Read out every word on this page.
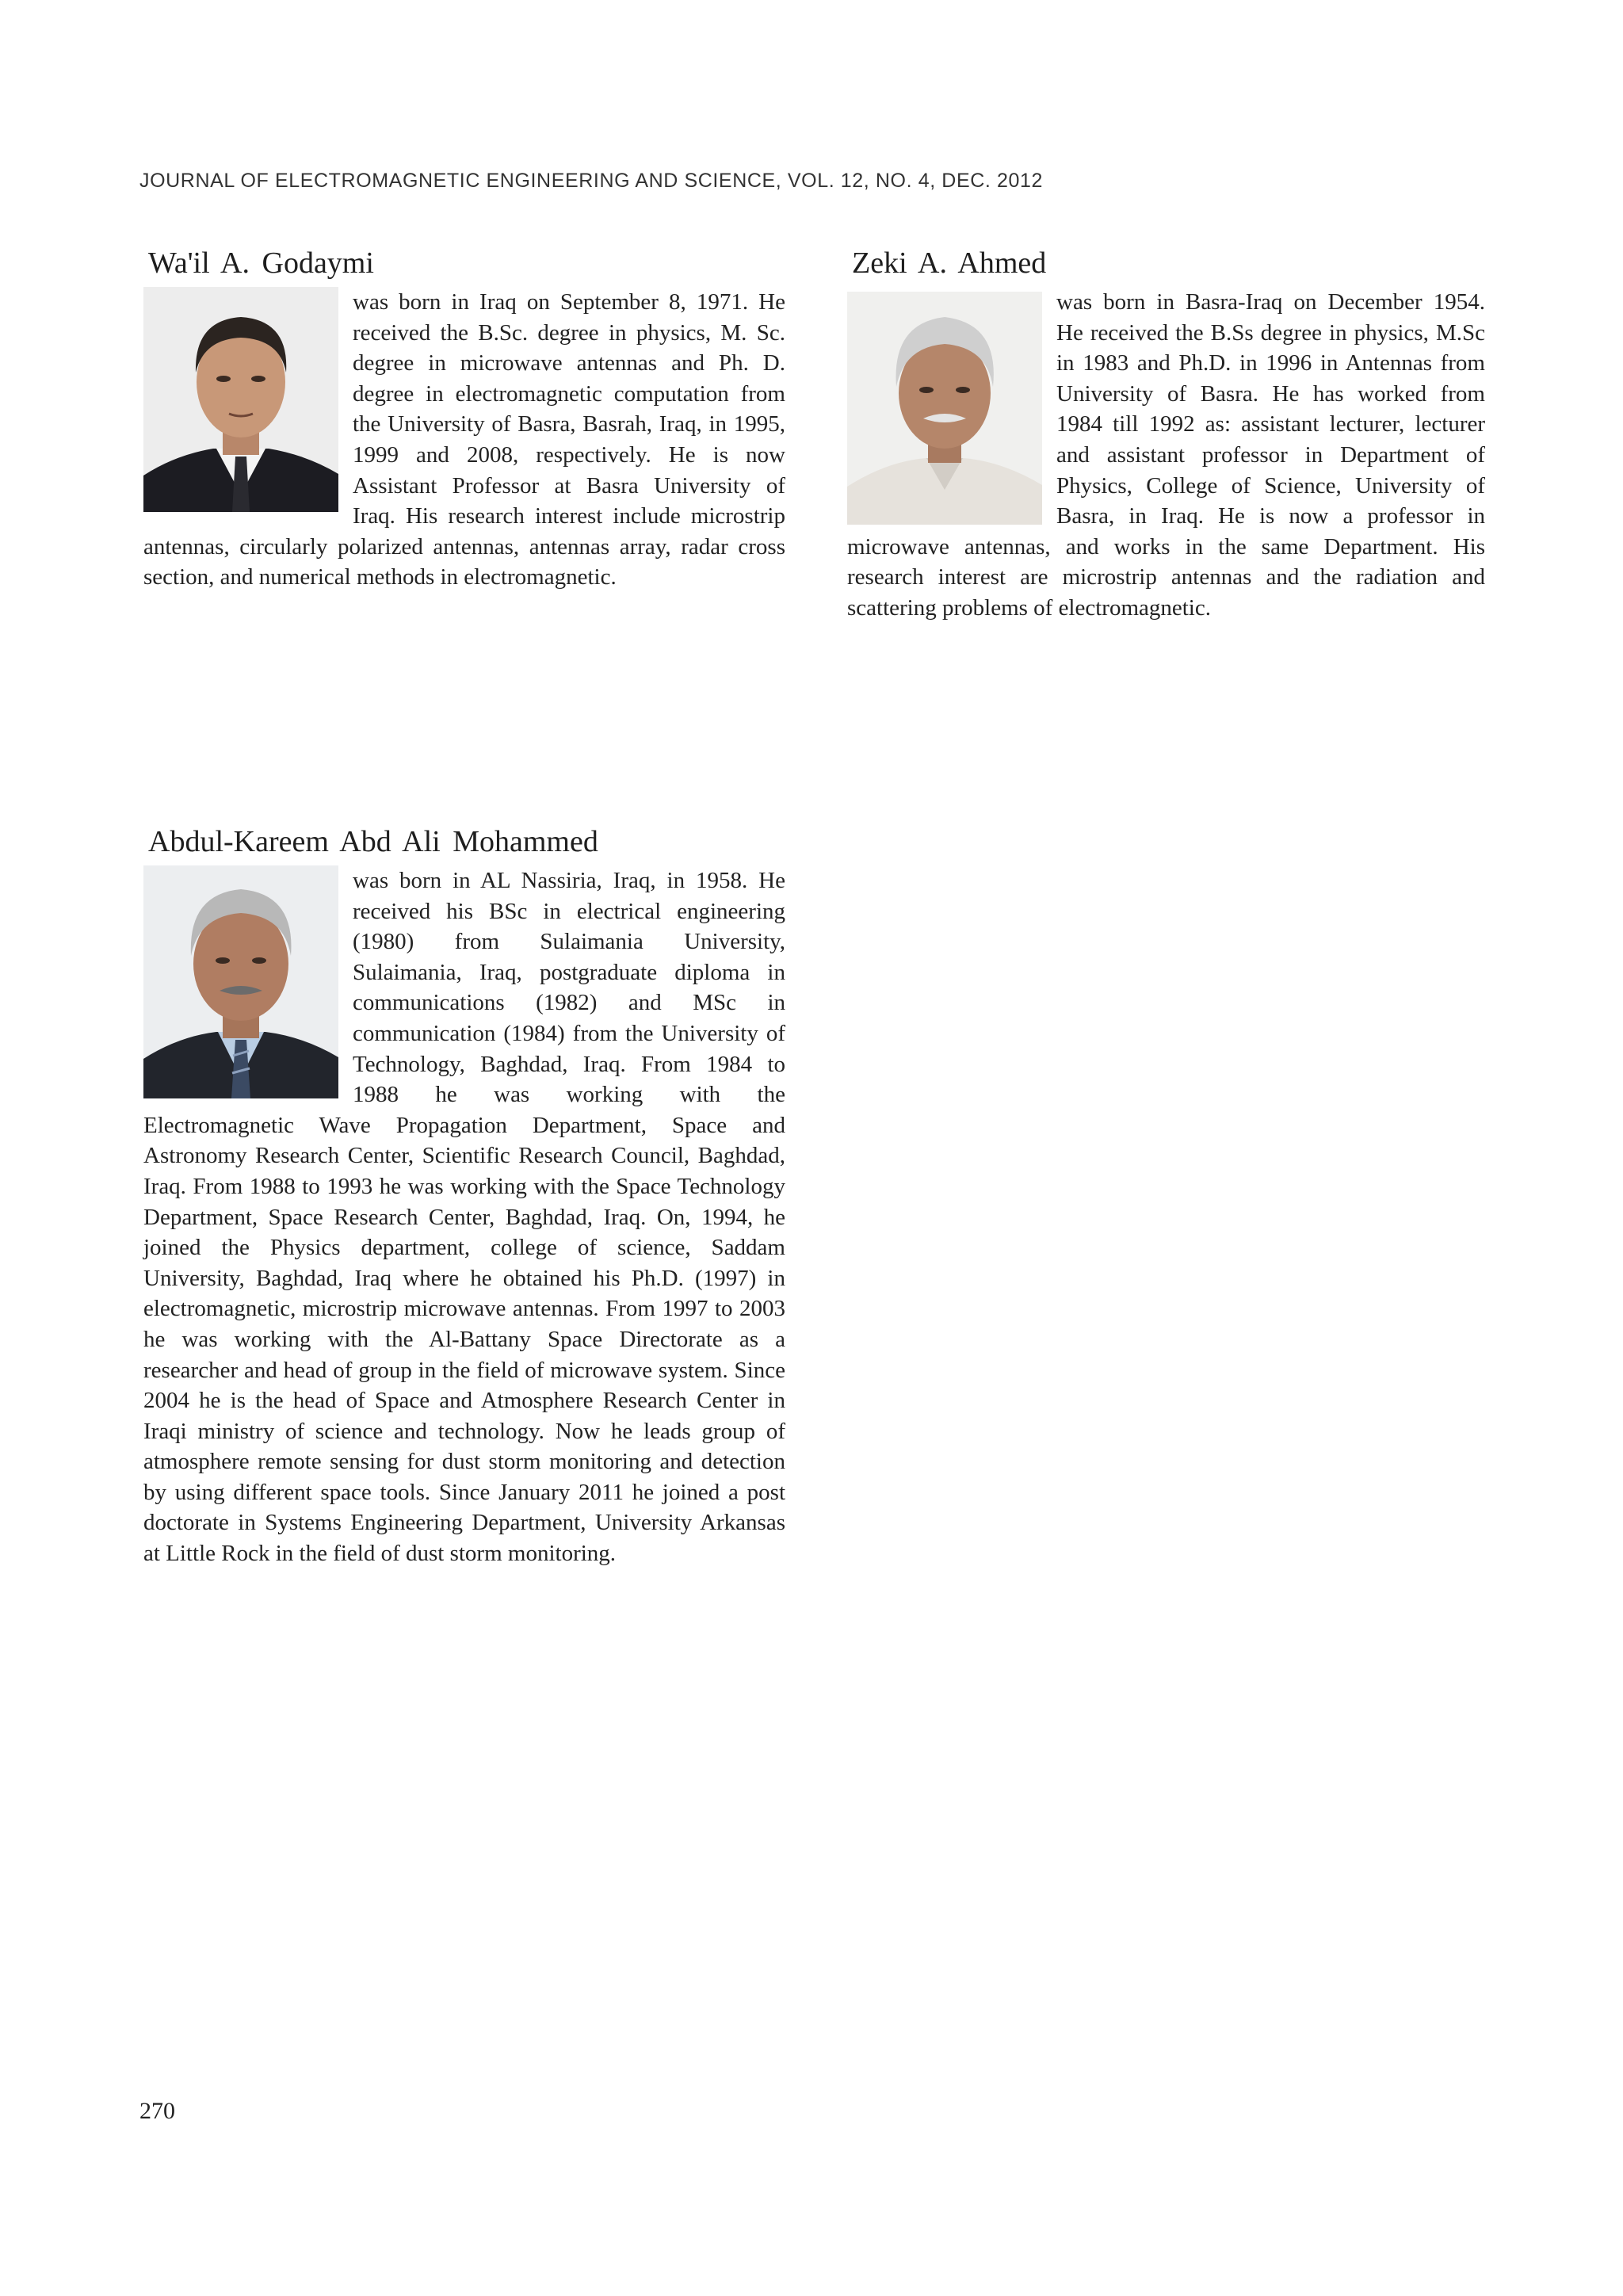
JOURNAL OF ELECTROMAGNETIC ENGINEERING AND SCIENCE, VOL. 12, NO. 4, DEC. 2012
Wa'il A. Godaymi

was born in Iraq on September 8, 1971. He received the B.Sc. degree in physics, M. Sc. degree in microwave antennas and Ph. D. degree in electromagnetic computation from the University of Basra, Basrah, Iraq, in 1995, 1999 and 2008, respectively. He is now Assistant Professor at Basra University of Iraq. His research interest include microstrip antennas, circularly polarized antennas, antennas array, radar cross section, and numerical methods in electromagnetic.

Zeki A. Ahmed

was born in Basra-Iraq on December 1954. He received the B.Ss degree in physics, M.Sc in 1983 and Ph.D. in 1996 in Antennas from University of Basra. He has worked from 1984 till 1992 as: assistant lecturer, lecturer and assistant professor in Department of Physics, College of Science, University of Basra, in Iraq. He is now a professor in microwave antennas, and works in the same Department. His research interest are microstrip antennas and the radiation and scattering problems of electromagnetic.

Abdul-Kareem Abd Ali Mohammed

was born in AL Nassiria, Iraq, in 1958. He received his BSc in electrical engineering (1980) from Sulaimania University, Sulaimania, Iraq, postgraduate diploma in communications (1982) and MSc in communication (1984) from the University of Technology, Baghdad, Iraq. From 1984 to 1988 he was working with the Electromagnetic Wave Propagation Department, Space and Astronomy Research Center, Scientific Research Council, Baghdad, Iraq. From 1988 to 1993 he was working with the Space Technology Department, Space Research Center, Baghdad, Iraq. On, 1994, he joined the Physics department, college of science, Saddam University, Baghdad, Iraq where he obtained his Ph.D. (1997) in electromagnetic, microstrip microwave antennas. From 1997 to 2003 he was working with the Al-Battany Space Directorate as a researcher and head of group in the field of microwave system. Since 2004 he is the head of Space and Atmosphere Research Center in Iraqi ministry of science and technology. Now he leads group of atmosphere remote sensing for dust storm monitoring and detection by using different space tools. Since January 2011 he joined a post doctorate in Systems Engineering Department, University Arkansas at Little Rock in the field of dust storm monitoring.

270
